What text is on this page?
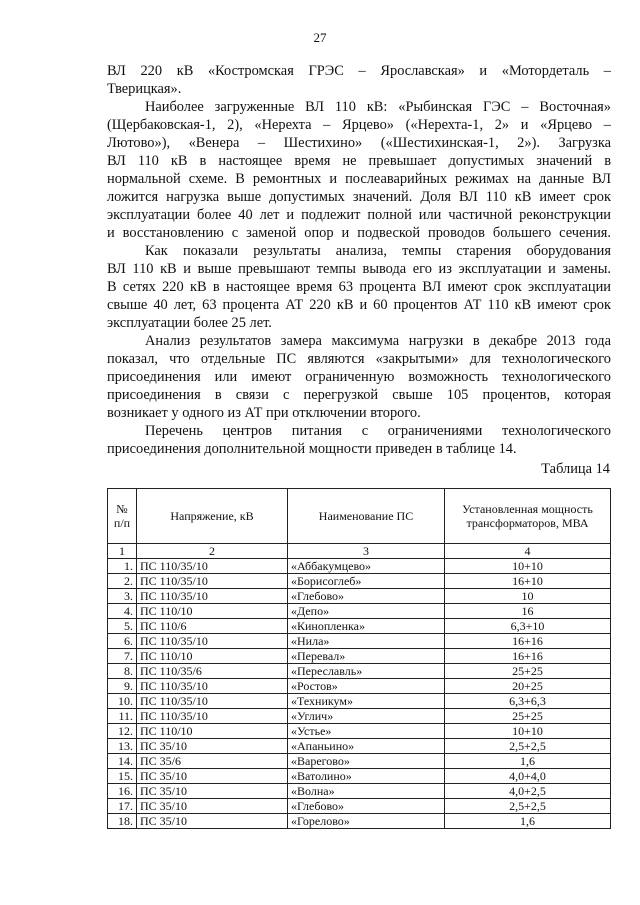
27
ВЛ 220 кВ «Костромская ГРЭС – Ярославская» и «Мотордеталь –
Тверицкая».
Наиболее загруженные ВЛ 110 кВ: «Рыбинская ГЭС – Восточная»
(Щербаковская-1, 2), «Нерехта – Ярцево» («Нерехта-1, 2» и «Ярцево –
Лютово»), «Венера – Шестихино» («Шестихинская-1, 2»). Загрузка
ВЛ 110 кВ в настоящее время не превышает допустимых значений в
нормальной схеме. В ремонтных и послеаварийных режимах на данные ВЛ
ложится нагрузка выше допустимых значений. Доля ВЛ 110 кВ имеет срок
эксплуатации более 40 лет и подлежит полной или частичной реконструкции
и восстановлению с заменой опор и подвеской проводов большего сечения.
Как показали результаты анализа, темпы старения оборудования
ВЛ 110 кВ и выше превышают темпы вывода его из эксплуатации и замены.
В сетях 220 кВ в настоящее время 63 процента ВЛ имеют срок эксплуатации
свыше 40 лет, 63 процента АТ 220 кВ и 60 процентов АТ 110 кВ имеют срок
эксплуатации более 25 лет.
Анализ результатов замера максимума нагрузки в декабре 2013 года
показал, что отдельные ПС являются «закрытыми» для технологического
присоединения или имеют ограниченную возможность технологического
присоединения в связи с перегрузкой свыше 105 процентов, которая
возникает у одного из АТ при отключении второго.
Перечень центров питания с ограничениями технологического
присоединения дополнительной мощности приведен в таблице 14.
Таблица 14
№ п/п	Напряжение, кВ	Наименование ПС	Установленная мощность трансформаторов, МВА
1	2	3	4
1.	ПС 110/35/10	«Аббакумцево»	10+10
2.	ПС 110/35/10	«Борисоглеб»	16+10
3.	ПС 110/35/10	«Глебово»	10
4.	ПС 110/10	«Депо»	16
5.	ПС 110/6	«Кинопленка»	6,3+10
6.	ПС 110/35/10	«Нила»	16+16
7.	ПС 110/10	«Перевал»	16+16
8.	ПС 110/35/6	«Переславль»	25+25
9.	ПС 110/35/10	«Ростов»	20+25
10.	ПС 110/35/10	«Техникум»	6,3+6,3
11.	ПС 110/35/10	«Углич»	25+25
12.	ПС 110/10	«Устье»	10+10
13.	ПС 35/10	«Апаньино»	2,5+2,5
14.	ПС 35/6	«Варегово»	1,6
15.	ПС 35/10	«Ватолино»	4,0+4,0
16.	ПС 35/10	«Волна»	4,0+2,5
17.	ПС 35/10	«Глебово»	2,5+2,5
18.	ПС 35/10	«Горелово»	1,6
